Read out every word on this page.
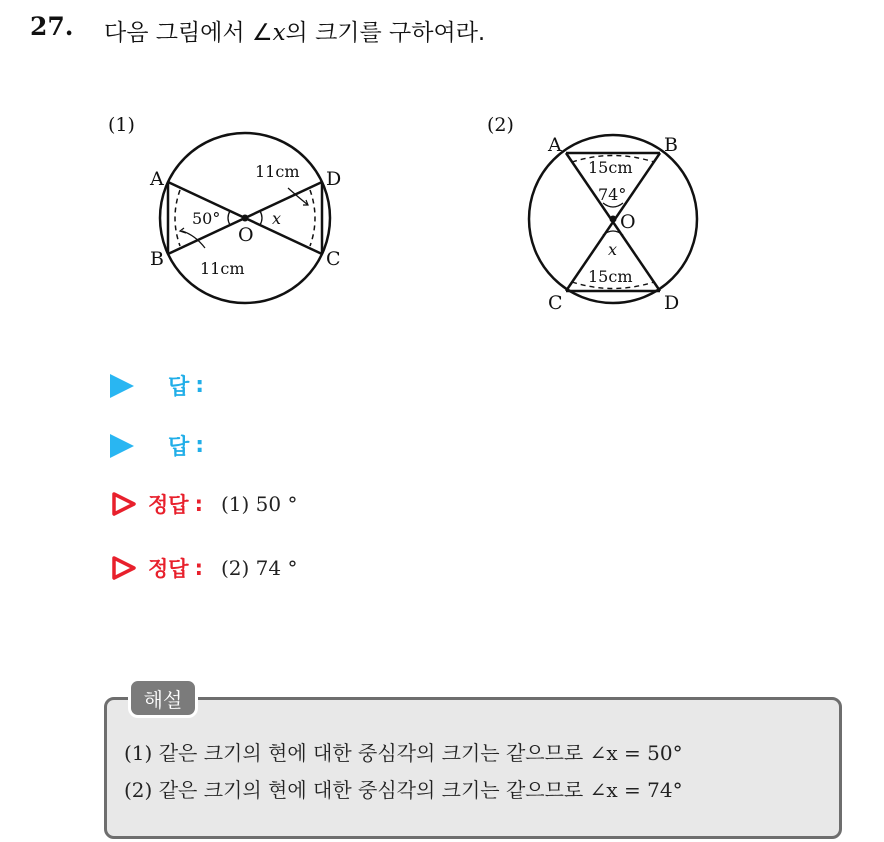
27. 다음 그림에서 ∠x의 크기를 구하여라.
(1)
A
B	C
D
O
11cm
11cm
50°	x
(2)
A	B
C	D
O
15cm
15cm
74°
x
답 :
답 :
정답 : (1) 50 °
정답 : (2) 74 °
해설
(1) 같은 크기의 현에 대한 중심각의 크기는 같으므로 ∠x = 50°
(2) 같은 크기의 현에 대한 중심각의 크기는 같으므로 ∠x = 74°
